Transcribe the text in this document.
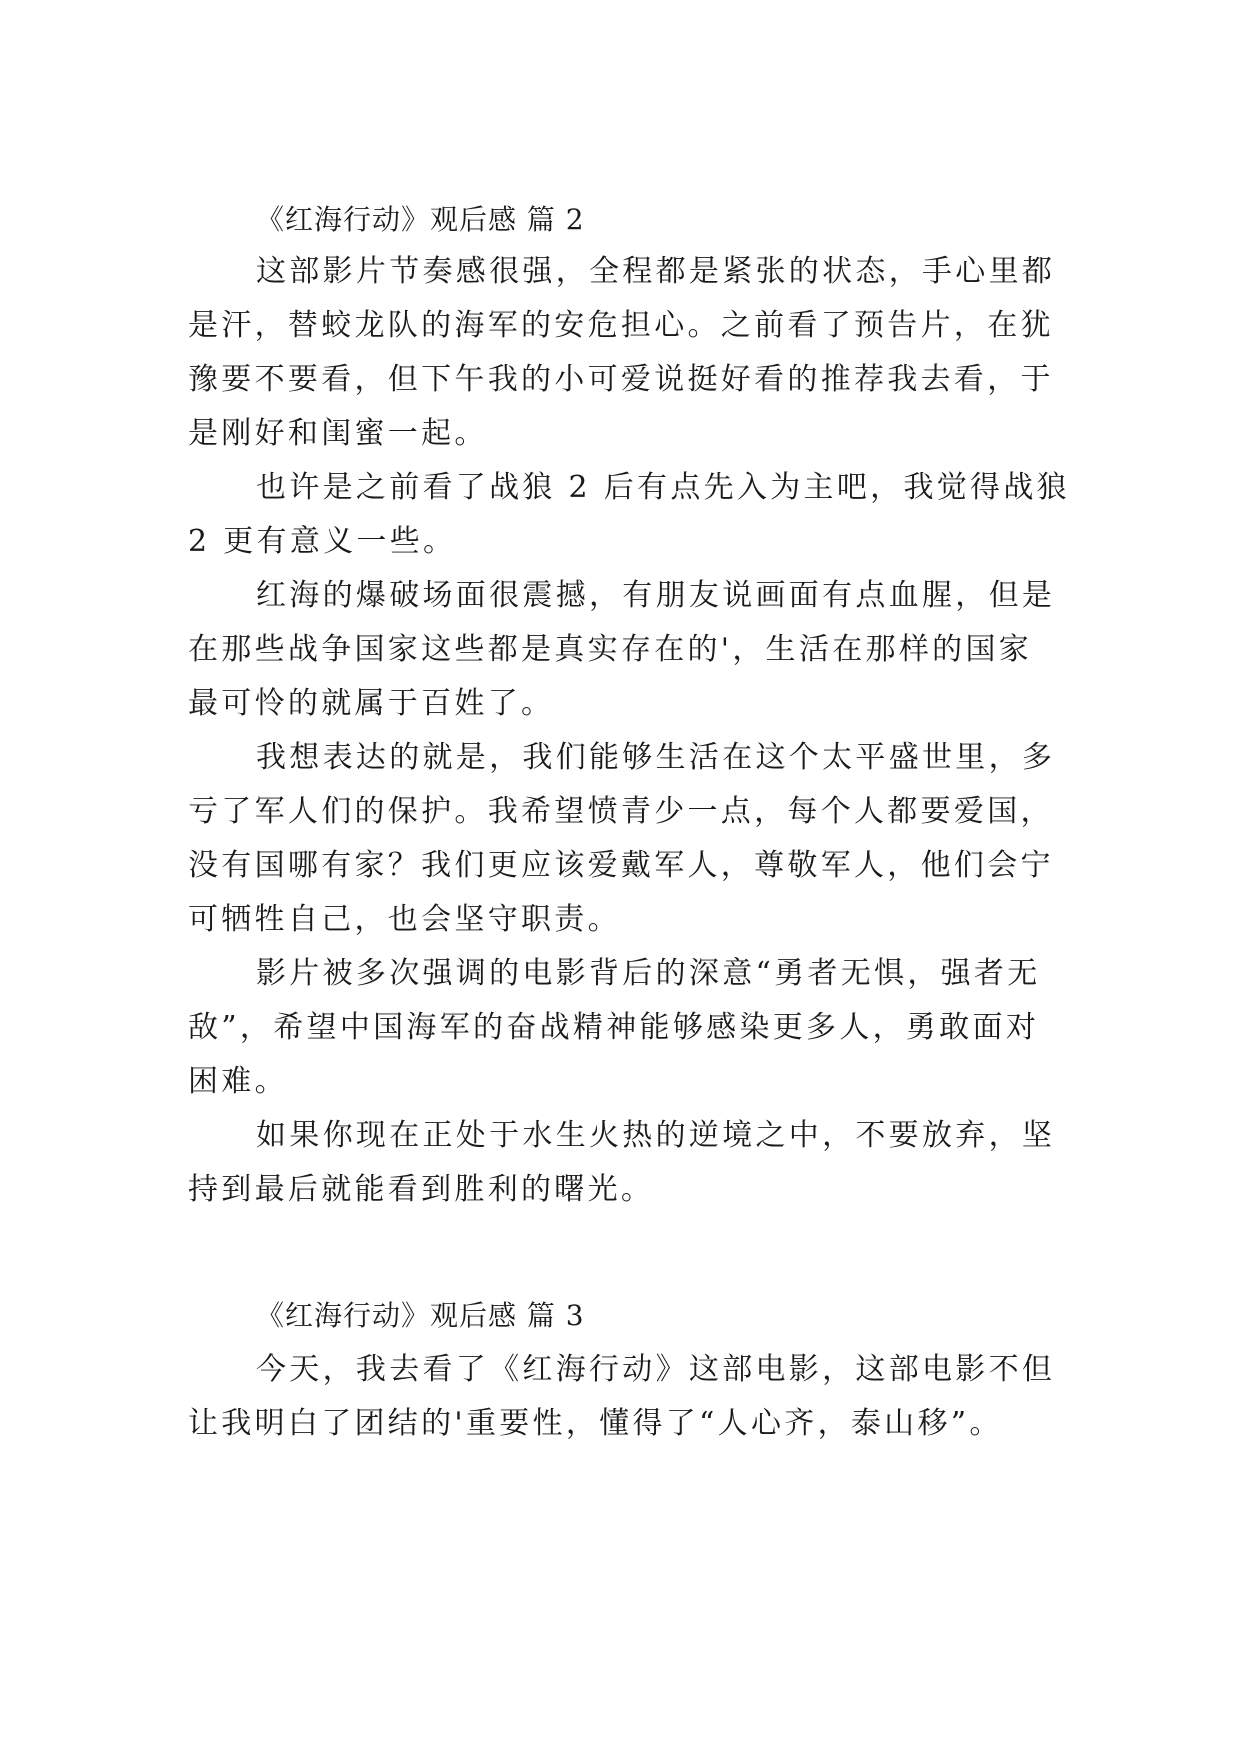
《红海行动》观后感 篇 2
这部影片节奏感很强，全程都是紧张的状态，手心里都
是汗，替蛟龙队的海军的安危担心。之前看了预告片，在犹
豫要不要看，但下午我的小可爱说挺好看的推荐我去看，于
是刚好和闺蜜一起。
也许是之前看了战狼 2 后有点先入为主吧，我觉得战狼
2 更有意义一些。
红海的爆破场面很震撼，有朋友说画面有点血腥，但是
在那些战争国家这些都是真实存在的'，生活在那样的国家
最可怜的就属于百姓了。
我想表达的就是，我们能够生活在这个太平盛世里，多
亏了军人们的保护。我希望愤青少一点，每个人都要爱国，
没有国哪有家？我们更应该爱戴军人，尊敬军人，他们会宁
可牺牲自己，也会坚守职责。
影片被多次强调的电影背后的深意“勇者无惧，强者无
敌”，希望中国海军的奋战精神能够感染更多人，勇敢面对
困难。
如果你现在正处于水生火热的逆境之中，不要放弃，坚
持到最后就能看到胜利的曙光。
《红海行动》观后感 篇 3
今天，我去看了《红海行动》这部电影，这部电影不但
让我明白了团结的'重要性，懂得了“人心齐，泰山移”。
